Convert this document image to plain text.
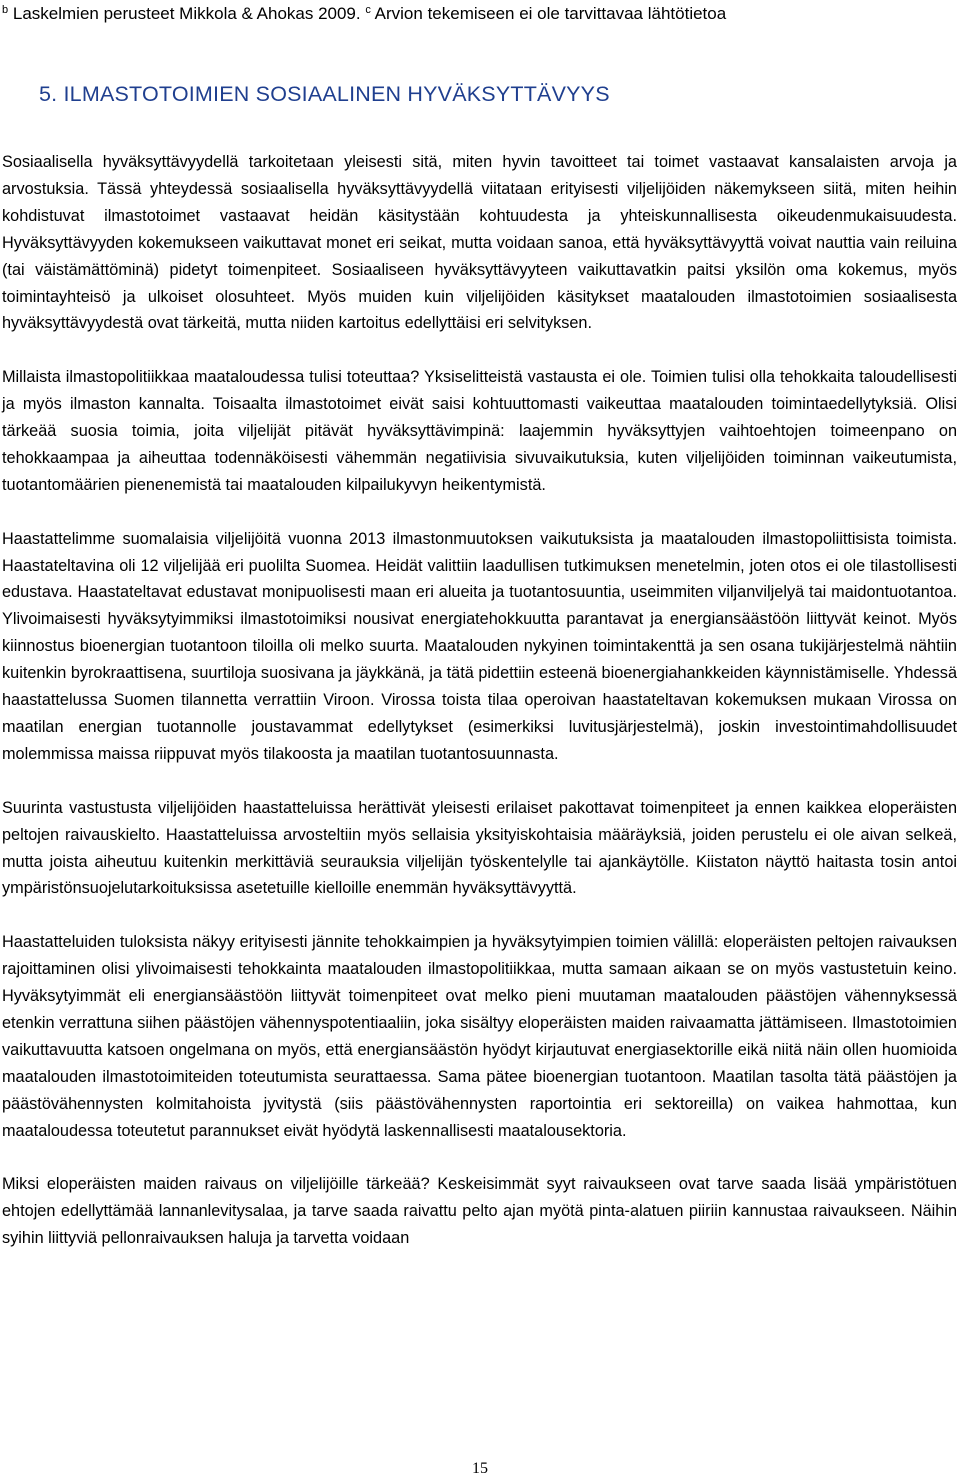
$^b$ Laskelmien perusteet Mikkola & Ahokas 2009. $^c$ Arvion tekemiseen ei ole tarvittavaa lähtötietoa
5. ILMASTOTOIMIEN SOSIAALINEN HYVÄKSYTTÄVYYS

Sosiaalisella hyväksyttävyydellä tarkoitetaan yleisesti sitä, miten hyvin tavoitteet tai toimet vastaavat kansalaisten arvoja ja arvostuksia. Tässä yhteydessä sosiaalisella hyväksyttävyydellä viitataan erityisesti viljelijöiden näkemykseen siitä, miten heihin kohdistuvat ilmastotoimet vastaavat heidän käsitystään kohtuudesta ja yhteiskunnallisesta oikeudenmukaisuudesta. Hyväksyttävyyden kokemukseen vaikuttavat monet eri seikat, mutta voidaan sanoa, että hyväksyttävyyttä voivat nauttia vain reiluina (tai väistämättöminä) pidetyt toimenpiteet. Sosiaaliseen hyväksyttävyyteen vaikuttavatkin paitsi yksilön oma kokemus, myös toimintayhteisö ja ulkoiset olosuhteet. Myös muiden kuin viljelijöiden käsitykset maatalouden ilmastotoimien sosiaalisesta hyväksyttävyydestä ovat tärkeitä, mutta niiden kartoitus edellyttäisi eri selvityksen.

Millaista ilmastopolitiikkaa maataloudessa tulisi toteuttaa? Yksiselitteistä vastausta ei ole. Toimien tulisi olla tehokkaita taloudellisesti ja myös ilmaston kannalta. Toisaalta ilmastotoimet eivät saisi kohtuuttomasti vaikeuttaa maatalouden toimintaedellytyksiä. Olisi tärkeää suosia toimia, joita viljelijät pitävät hyväksyttävimpinä: laajemmin hyväksyttyjen vaihtoehtojen toimeenpano on tehokkaampaa ja aiheuttaa todennäköisesti vähemmän negatiivisia sivuvaikutuksia, kuten viljelijöiden toiminnan vaikeutumista, tuotantomäärien pienenemistä tai maatalouden kilpailukyvyn heikentymistä.

Haastattelimme suomalaisia viljelijöitä vuonna 2013 ilmastonmuutoksen vaikutuksista ja maatalouden ilmastopoliittisista toimista. Haastateltavina oli 12 viljelijää eri puolilta Suomea. Heidät valittiin laadullisen tutkimuksen menetelmin, joten otos ei ole tilastollisesti edustava. Haastateltavat edustavat monipuolisesti maan eri alueita ja tuotantosuuntia, useimmiten viljanviljelyä tai maidontuotantoa. Ylivoimaisesti hyväksytyimmiksi ilmastotoimiksi nousivat energiatehokkuutta parantavat ja energiansäästöön liittyvät keinot. Myös kiinnostus bioenergian tuotantoon tiloilla oli melko suurta. Maatalouden nykyinen toimintakenttä ja sen osana tukijärjestelmä nähtiin kuitenkin byrokraattisena, suurtiloja suosivana ja jäykkänä, ja tätä pidettiin esteenä bioenergiahankkeiden käynnistämiselle. Yhdessä haastattelussa Suomen tilannetta verrattiin Viroon. Virossa toista tilaa operoivan haastateltavan kokemuksen mukaan Virossa on maatilan energian tuotannolle joustavammat edellytykset (esimerkiksi luvitusjärjestelmä), joskin investointimahdollisuudet molemmissa maissa riippuvat myös tilakoosta ja maatilan tuotantosuunnasta.

Suurinta vastustusta viljelijöiden haastatteluissa herättivät yleisesti erilaiset pakottavat toimenpiteet ja ennen kaikkea eloperäisten peltojen raivauskielto. Haastatteluissa arvosteltiin myös sellaisia yksityiskohtaisia määräyksiä, joiden perustelu ei ole aivan selkeä, mutta joista aiheutuu kuitenkin merkittäviä seurauksia viljelijän työskentelylle tai ajankäytölle. Kiistaton näyttö haitasta tosin antoi ympäristönsuojelutarkoituksissa asetetuille kielloille enemmän hyväksyttävyyttä.

Haastatteluiden tuloksista näkyy erityisesti jännite tehokkaimpien ja hyväksytyimpien toimien välillä: eloperäisten peltojen raivauksen rajoittaminen olisi ylivoimaisesti tehokkainta maatalouden ilmastopolitiikkaa, mutta samaan aikaan se on myös vastustetuin keino. Hyväksytyimmät eli energiansäästöön liittyvät toimenpiteet ovat melko pieni muutaman maatalouden päästöjen vähennyksessä etenkin verrattuna siihen päästöjen vähennyspotentiaaliin, joka sisältyy eloperäisten maiden raivaamatta jättämiseen. Ilmastotoimien vaikuttavuutta katsoen ongelmana on myös, että energiansäästön hyödyt kirjautuvat energiasektorille eikä niitä näin ollen huomioida maatalouden ilmastotoimiteiden toteutumista seurattaessa. Sama pätee bioenergian tuotantoon. Maatilan tasolta tätä päästöjen ja päästövähennysten kolmitahoista jyvitystä (siis päästövähennysten raportointia eri sektoreilla) on vaikea hahmottaa, kun maataloudessa toteutetut parannukset eivät hyödytä laskennallisesti maatalousektoria.

Miksi eloperäisten maiden raivaus on viljelijöille tärkeää? Keskeisimmät syyt raivaukseen ovat tarve saada lisää ympäristötuen ehtojen edellyttämää lannanlevitysalaa, ja tarve saada raivattu pelto ajan myötä pinta-alatuen piiriin kannustaa raivaukseen. Näihin syihin liittyviä pellonraivauksen haluja ja tarvetta voidaan

15
